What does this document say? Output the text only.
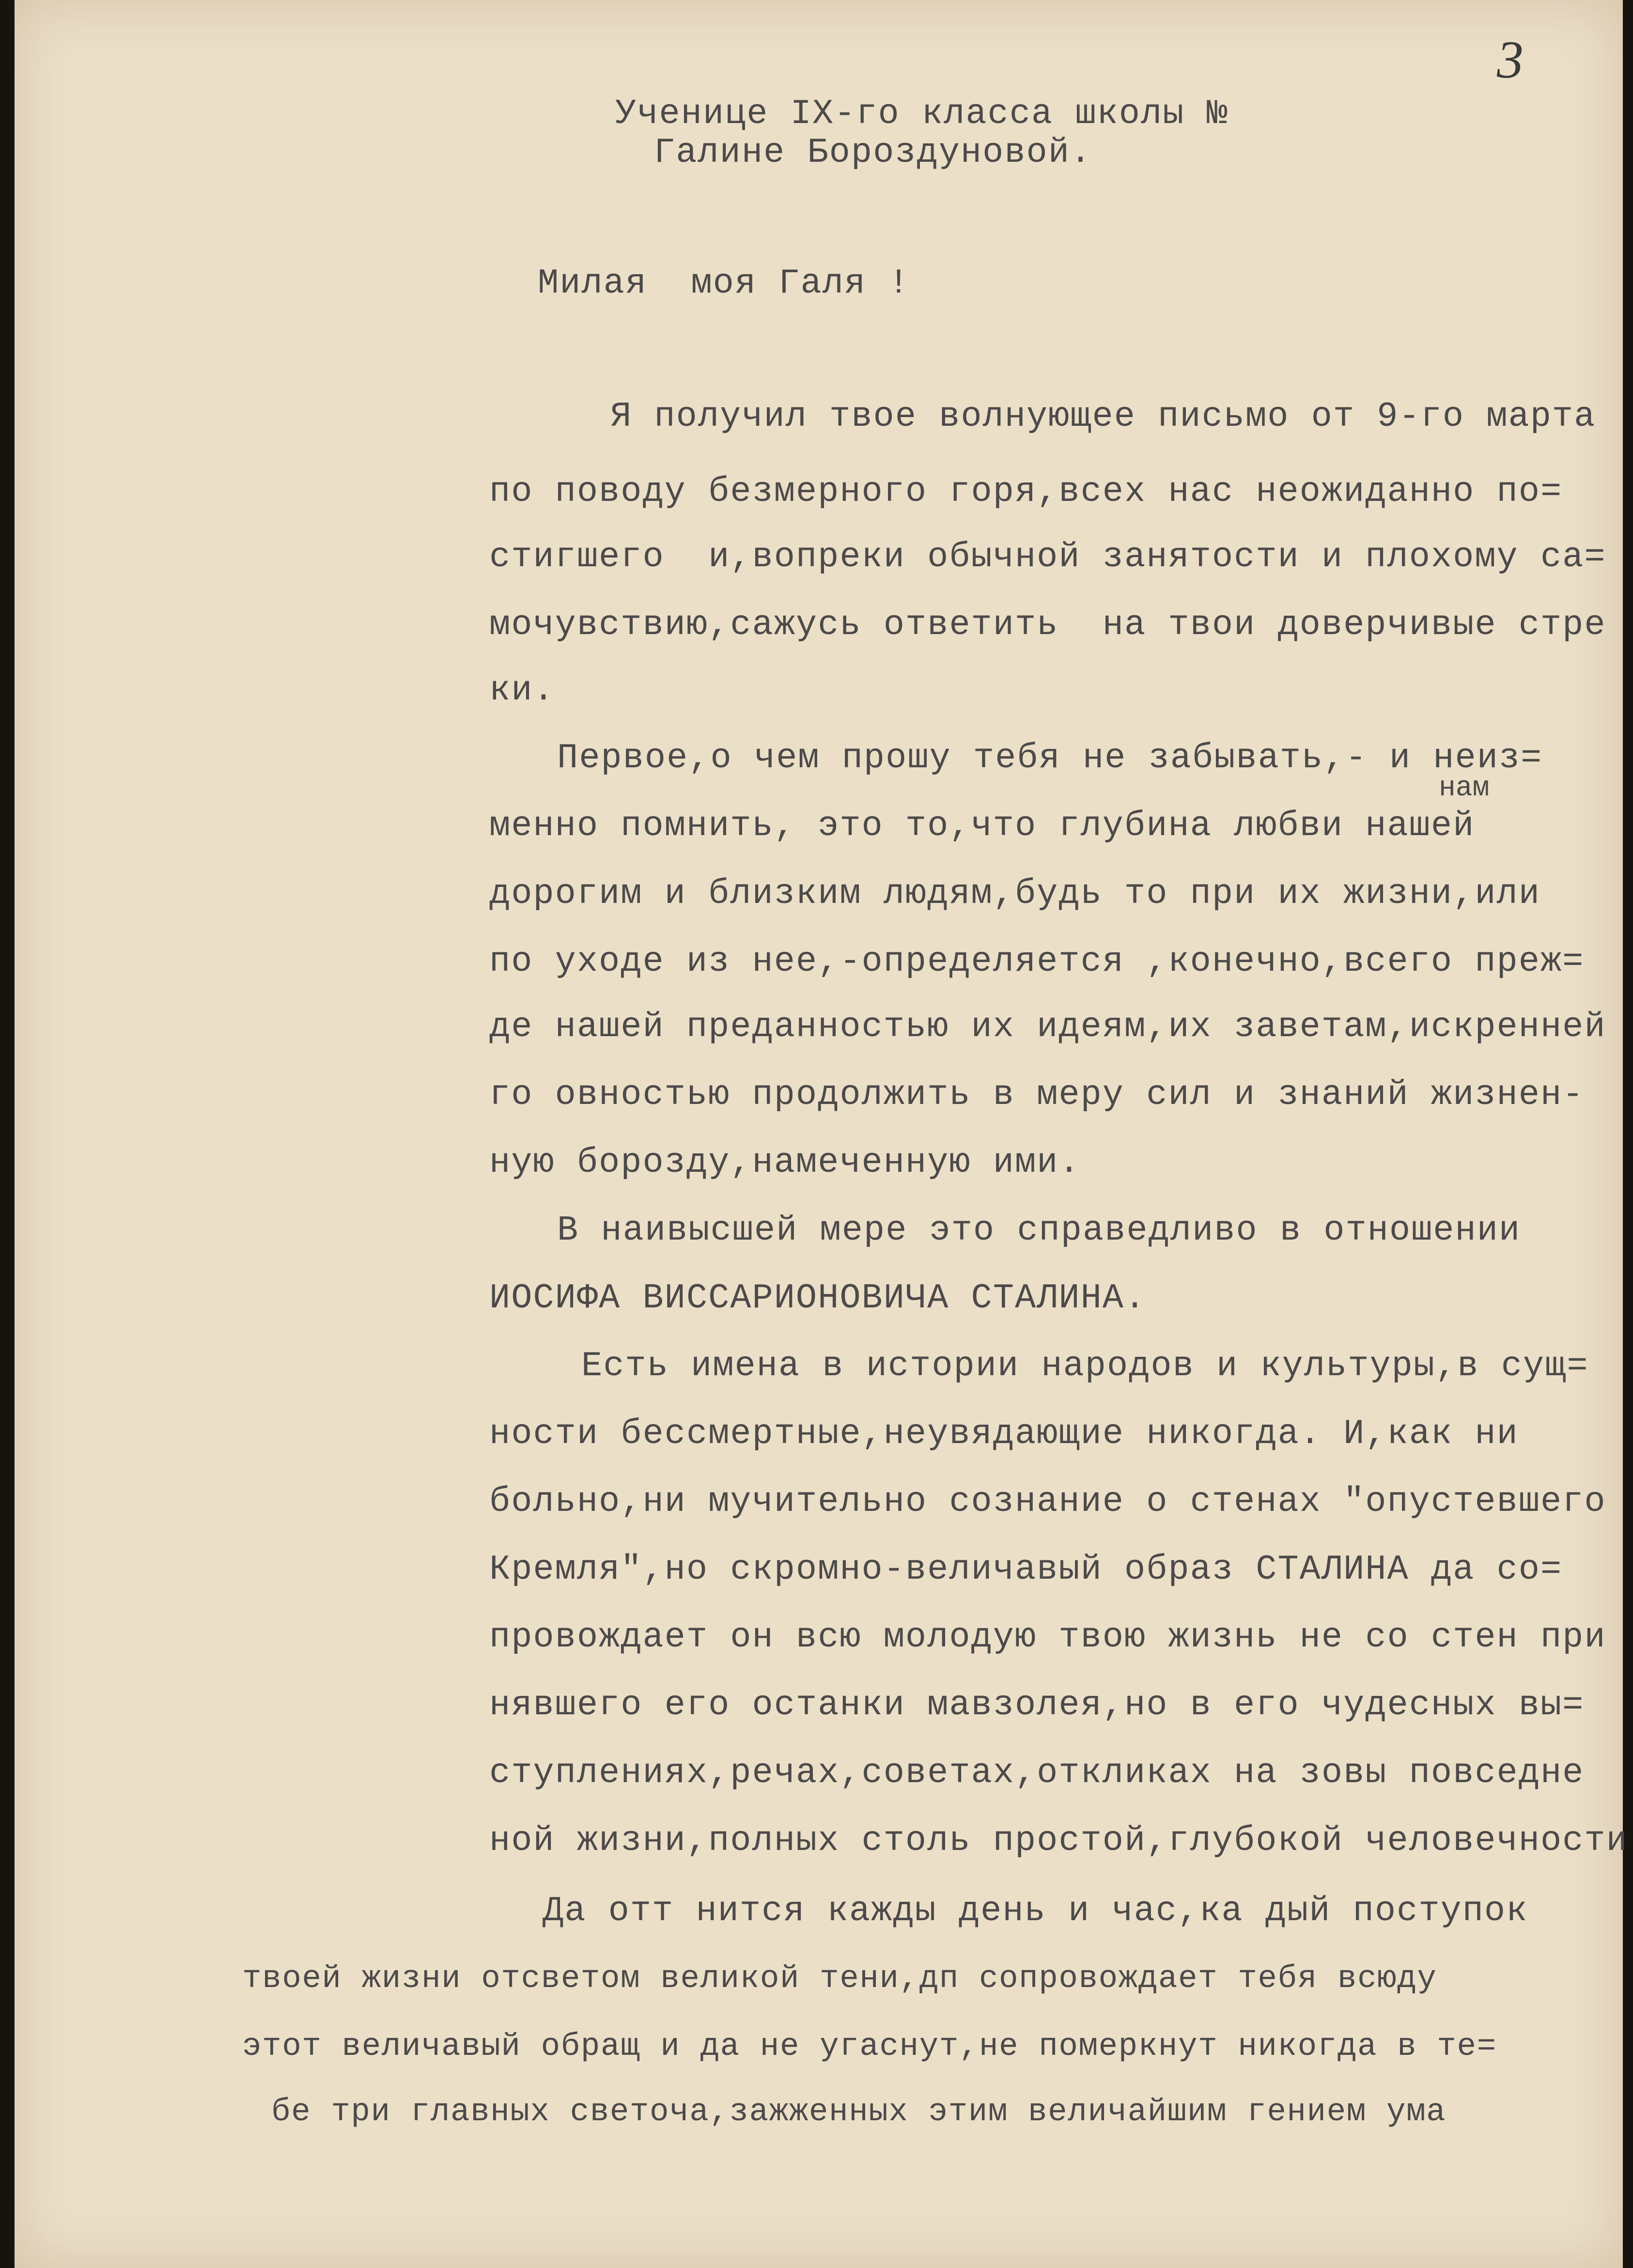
3
Ученице IX-го класса школы №
Галине Бороздуновой.
Милая  моя Галя !
Я получил твое волнующее письмо от 9-го марта
по поводу безмерного горя,всех нас неожиданно по=
стигшего  и,вопреки обычной занятости и плохому са=
мочувствию,сажусь ответить  на твои доверчивые стре
ки.
Первое,о чем прошу тебя не забывать,- и неиз=
нам
менно помнить, это то,что глубина любви нашей
дорогим и близким людям,будь то при их жизни,или
по уходе из нее,-определяется ,конечно,всего преж=
де нашей преданностью их идеям,их заветам,искренней
го овностью продолжить в меру сил и знаний жизнен-
ную борозду,намеченную ими.
В наивысшей мере это справедливо в отношении
ИОСИФА ВИССАРИОНОВИЧА СТАЛИНА.
Есть имена в истории народов и культуры,в сущ=
ности бессмертные,неувядающие никогда. И,как ни
больно,ни мучительно сознание о стенах "опустевшего
Кремля",но скромно-величавый образ СТАЛИНА да со=
провождает он всю молодую твою жизнь не со стен при
нявшего его останки мавзолея,но в его чудесных вы=
ступлениях,речах,советах,откликах на зовы повседне
ной жизни,полных столь простой,глубокой человечности
Да отт нится кажды день и час,ка дый поступок
твоей жизни отсветом великой тени,дп сопровождает тебя всюду
этот величавый обращ и да не угаснут,не померкнут никогда в те=
бе три главных светоча,зажженных этим величайшим гением ума
